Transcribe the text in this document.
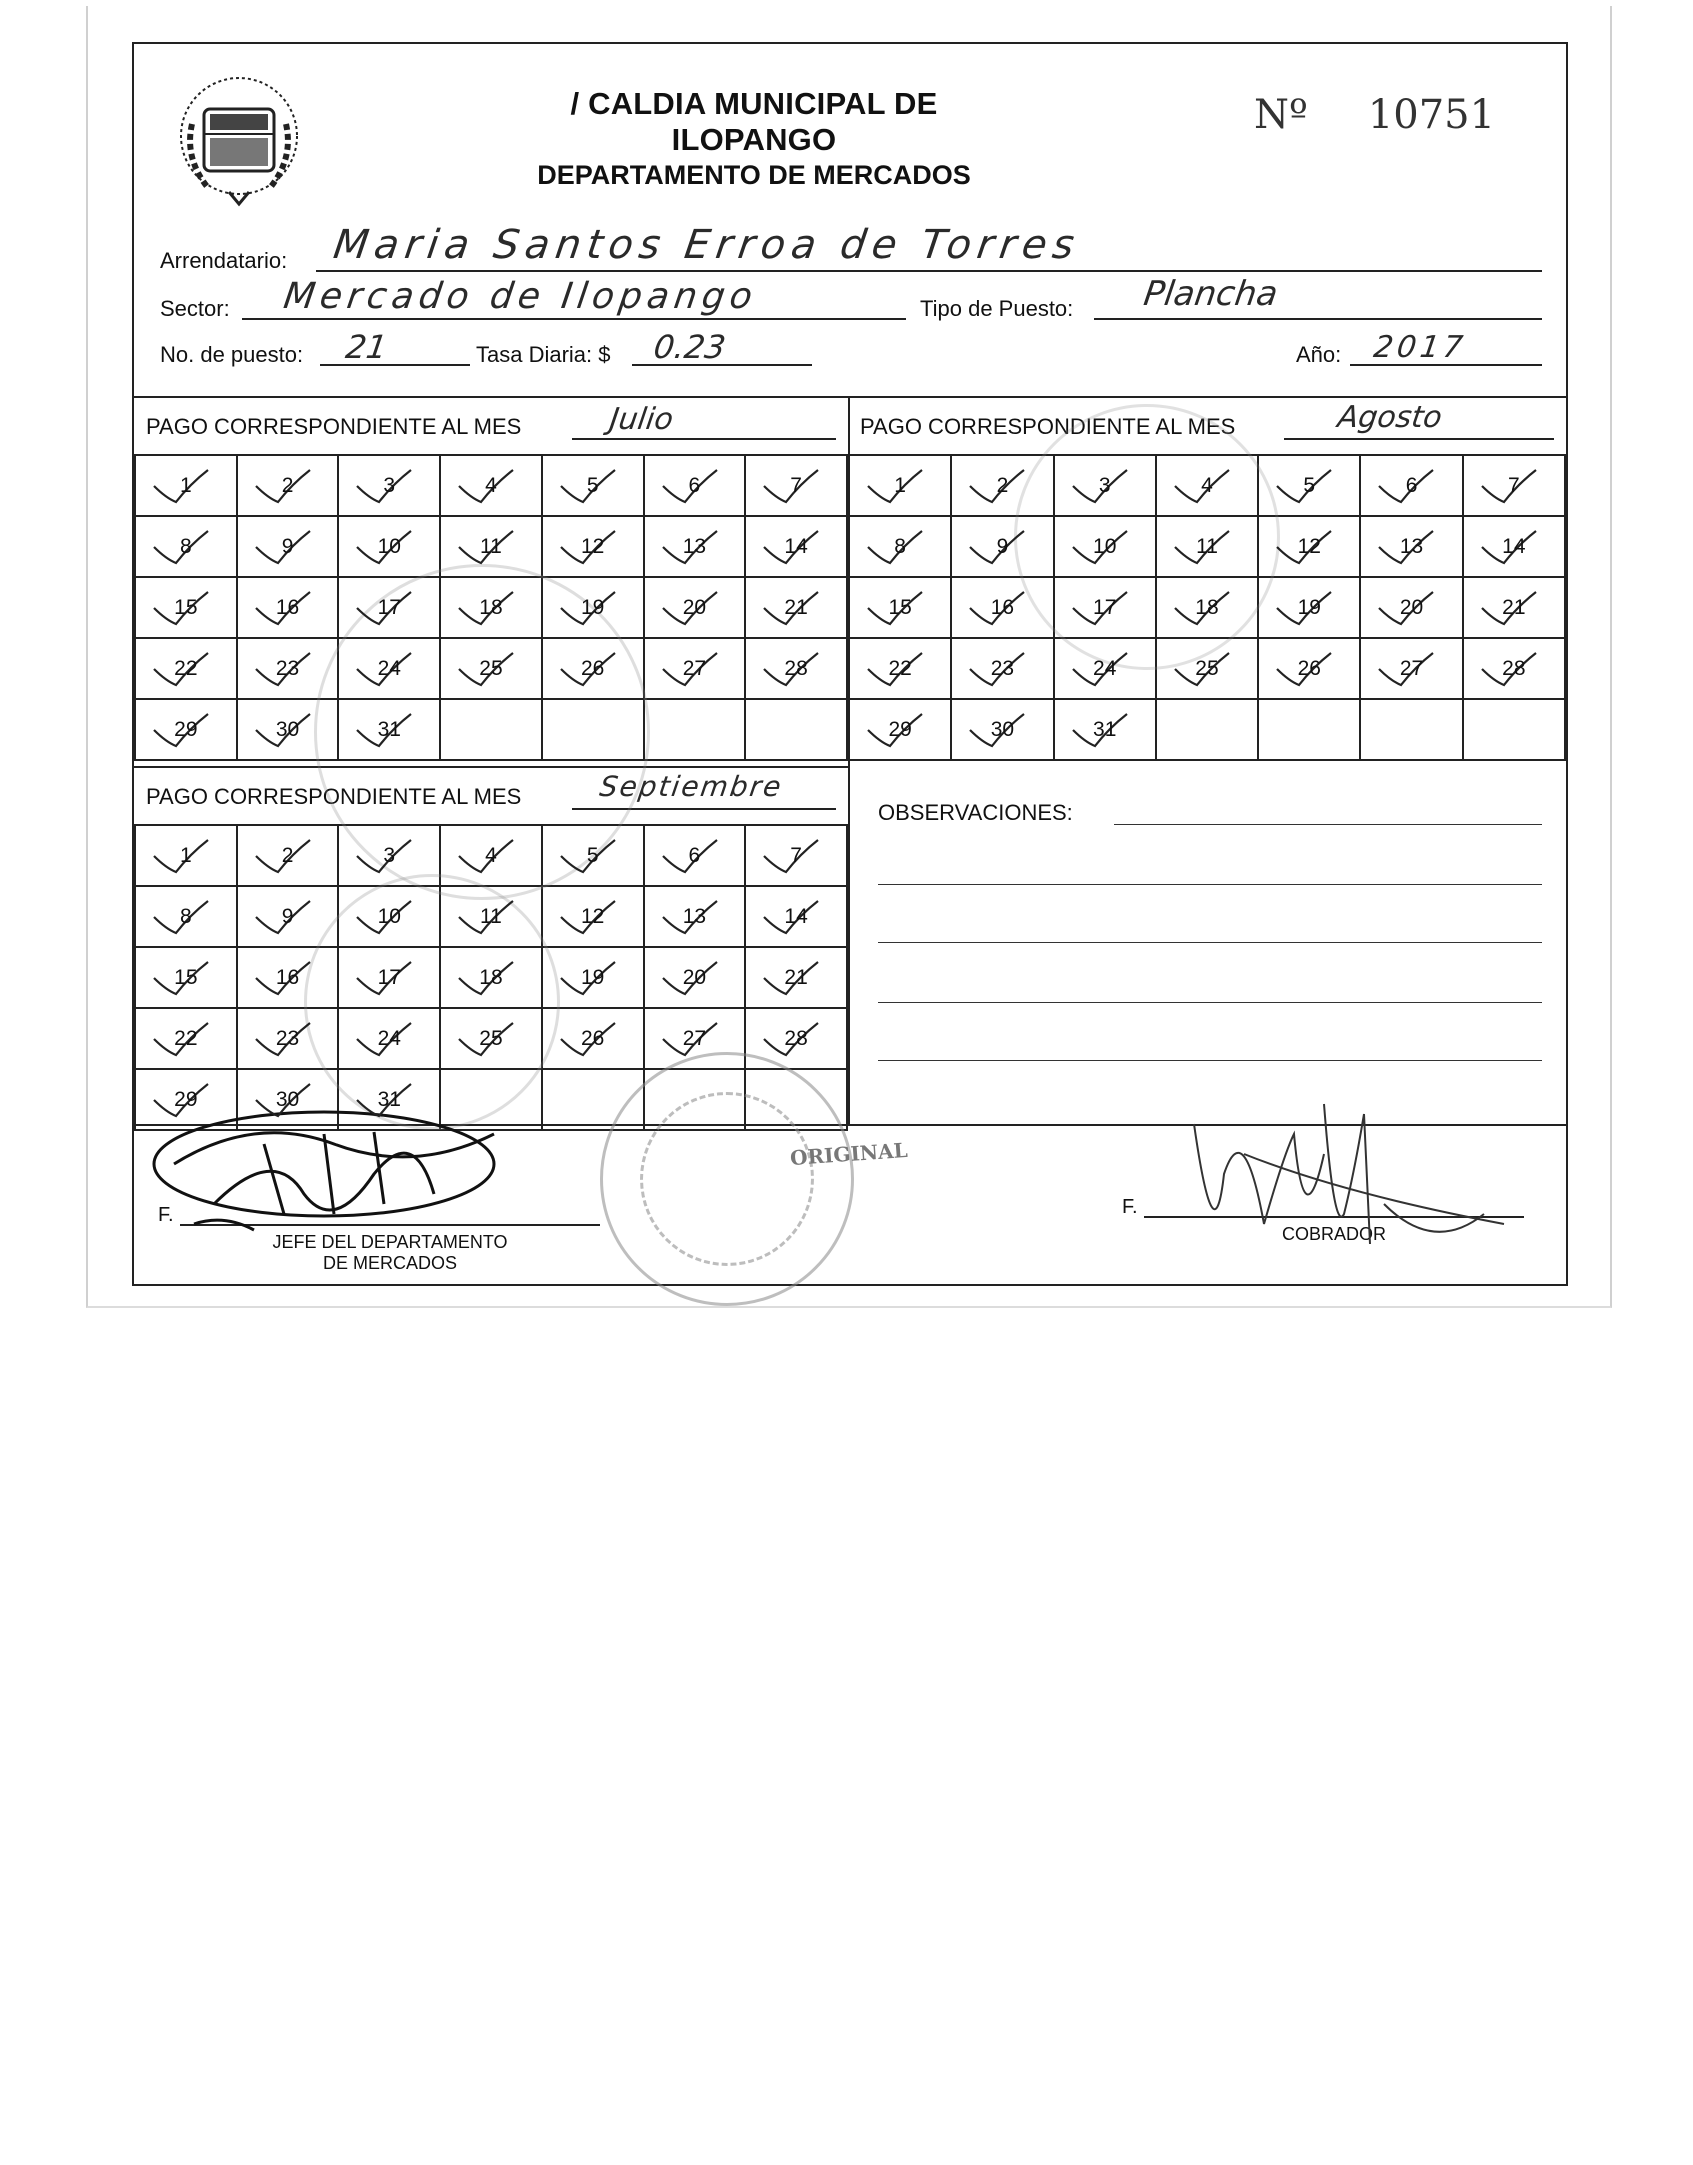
/ CALDIA MUNICIPAL DE ILOPANGO
DEPARTAMENTO DE MERCADOS
Nº 10751
Arrendatario: Maria Santos Erroa de Torres
Sector: Mercado de Ilopango	Tipo de Puesto: Plancha
No. de puesto: 21	Tasa Diaria: $ 0.23	Año: 2017
PAGO CORRESPONDIENTE AL MES	Julio
1	2	3	4	5	6	7

8	9	10	11	12	13	14

15	16	17	18	19	20	21

22	23	24	25	26	27	28

29	30	31				
PAGO CORRESPONDIENTE AL MES	Agosto
1	2	3	4	5	6	7

8	9	10	11	12	13	14

15	16	17	18	19	20	21

22	23	24	25	26	27	28

29	30	31				
PAGO CORRESPONDIENTE AL MES	Septiembre
1	2	3	4	5	6	7

8	9	10	11	12	13	14

15	16	17	18	19	20	21

22	23	24	25	26	27	28

29	30	31				
OBSERVACIONES:
F.
JEFE DEL DEPARTAMENTO
DE MERCADOS
F.
COBRADOR
ORIGINAL
